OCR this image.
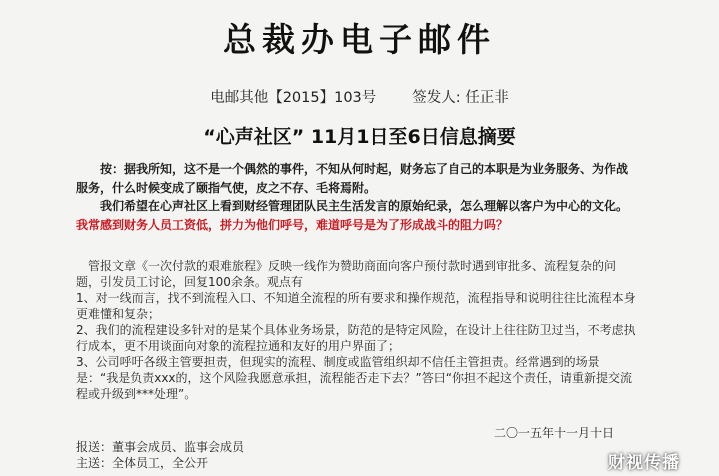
总裁办电子邮件
电邮其他【2015】103号 签发人: 任正非
“心声社区” 11月1日至6日信息摘要
按：据我所知，这不是一个偶然的事件，不知从何时起，财务忘了自己的本职是为业务服务、为作战服务，什么时候变成了颐指气使，皮之不存、毛将焉附。
我们希望在心声社区上看到财经管理团队民主生活发言的原始纪录，怎么理解以客户为中心的文化。我常感到财务人员工资低，拼力为他们呼号，难道呼号是为了形成战斗的阻力吗？

管报文章《一次付款的艰难旅程》反映一线作为赞助商面向客户预付款时遇到审批多、流程复杂的问题，引发员工讨论，回复100余条。观点有

1、对一线而言，找不到流程入口、不知道全流程的所有要求和操作规范，流程指导和说明往往比流程本身更难懂和复杂；

2、我们的流程建设多针对的是某个具体业务场景，防范的是特定风险，在设计上往往防卫过当，不考虑执行成本，更不用谈面向对象的流程拉通和友好的用户界面了；

3、公司呼吁各级主管要担责，但现实的流程、制度或监管组织却不信任主管担责。经常遇到的场景是：“我是负责xxx的，这个风险我愿意承担，流程能否走下去？”答曰“你担不起这个责任，请重新提交流程或升级到***处理”。

二〇一五年十一月十日
报送：董事会成员、监事会成员
主送：全体员工，全公开	财视传播
